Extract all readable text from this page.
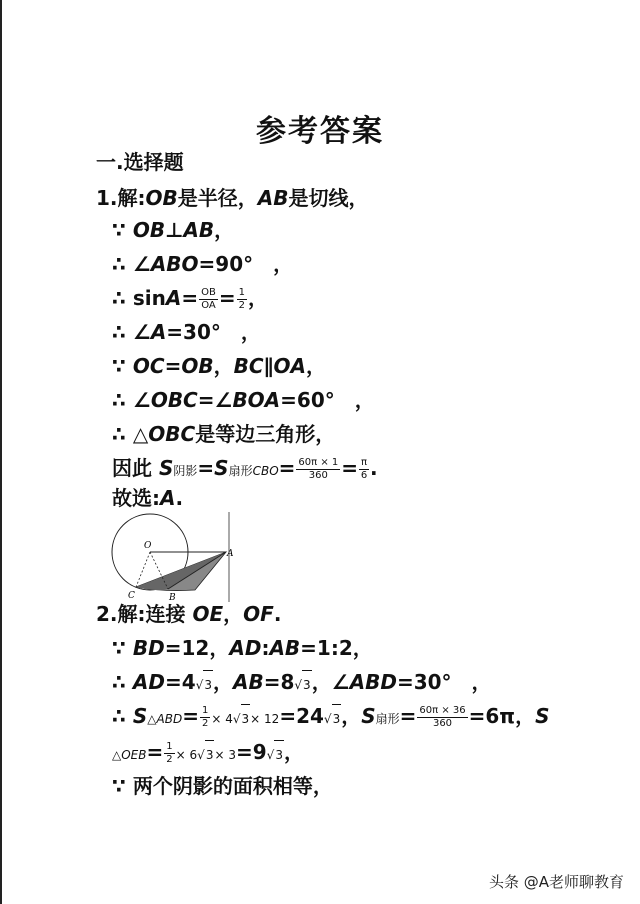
参考答案
一.选择题
1.解:OB是半径，AB是切线，
∵ OB⊥AB，
∴ ∠ABO=90°　，
∴ $\sin A= \frac{OB}{OA} = \frac{1}{2}$ ，
∴ ∠A=30°　，
∵ OC=OB，BC∥OA，
∴ ∠OBC=∠BOA=60°　，
∴ △OBC是等边三角形，
因此 S阴影=S扇形$CBO= \frac{60\pi \times 1}{360} = \frac{\pi}{6}$ .
故选:A.
O
A
B
C
2.解:连接 OE，OF.
∵ BD=12，AD:AB=1:2，
∴ AD=4√3，AB=8√3，∠ABD=30°　，
∴ S△ABD= $\frac{1}{2} \times 4√3\times 12=24√3$，S扇形= $\frac{60\pi \times 36}{360} =6\pi$，S
△OEB= $\frac{1}{2} \times 6√3\times 3=9√3$，
∵ 两个阴影的面积相等，
头条 @A老师聊教育
